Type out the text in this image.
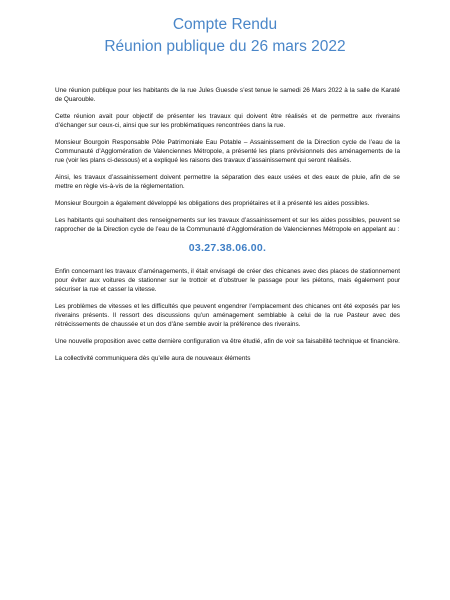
Compte Rendu
Réunion publique du 26 mars 2022

Une réunion publique pour les habitants de la rue Jules Guesde s’est tenue le samedi 26 Mars 2022 à la salle de Karaté de Quarouble.

Cette réunion avait pour objectif de présenter les travaux qui doivent être réalisés et de permettre aux riverains d’échanger sur ceux-ci, ainsi que sur les problématiques rencontrées dans la rue.

Monsieur Bourgoin Responsable Pôle Patrimoniale Eau Potable – Assainissement de la Direction cycle de l’eau de la Communauté d’Agglomération de Valenciennes Métropole, a présenté les plans prévisionnels des aménagements de la rue (voir les plans ci-dessous) et a expliqué les raisons des travaux d’assainissement qui seront réalisés.

Ainsi, les travaux d’assainissement doivent permettre la séparation des eaux usées et des eaux de pluie, afin de se mettre en règle vis-à-vis de la réglementation.

Monsieur Bourgoin a également développé les obligations des propriétaires et il a présenté les aides possibles.

Les habitants qui souhaitent des renseignements sur les travaux d’assainissement et sur les aides possibles, peuvent se rapprocher de la Direction cycle de l’eau de la Communauté d’Agglomération de Valenciennes Métropole en appelant au :

03.27.38.06.00.

Enfin concernant les travaux d’aménagements, il était envisagé de créer des chicanes avec des places de stationnement pour éviter aux voitures de stationner sur le trottoir et d’obstruer le passage pour les piétons, mais également pour sécuriser la rue et casser la vitesse.

Les problèmes de vitesses et les difficultés que peuvent engendrer l’emplacement des chicanes ont été exposés par les riverains présents. Il ressort des discussions qu’un aménagement semblable à celui de la rue Pasteur avec des rétrécissements de chaussée et un dos d’âne semble avoir la préférence des riverains.

Une nouvelle proposition avec cette dernière configuration va être étudié, afin de voir sa faisabilité technique et financière.

La collectivité communiquera dès qu’elle aura de nouveaux éléments
